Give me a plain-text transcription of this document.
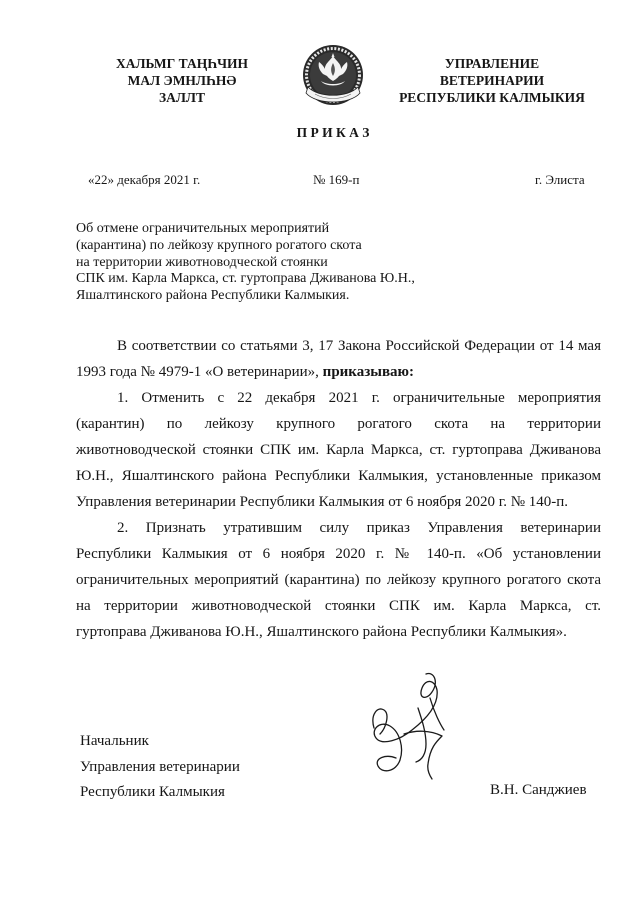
ХАЛЬМГ ТАҢҺЧИН
МАЛ ЭМНЛҺНӘ
ЗАЛЛТ
УПРАВЛЕНИЕ
ВЕТЕРИНАРИИ
РЕСПУБЛИКИ КАЛМЫКИЯ
П Р И К А З
«22» декабря 2021 г.	№ 169-п	г. Элиста
Об отмене ограничительных мероприятий
(карантина) по лейкозу крупного рогатого скота
на территории животноводческой стоянки
СПК им. Карла Маркса, ст. гуртоправа Дживанова Ю.Н.,
Яшалтинского района Республики Калмыкия.
В соответствии со статьями 3, 17 Закона Российской Федерации от 14 мая
1993 года № 4979-1 «О ветеринарии», приказываю:
1. Отменить с 22 декабря 2021 г. ограничительные мероприятия
(карантин) по лейкозу крупного рогатого скота на территории
животноводческой стоянки СПК им. Карла Маркса, ст. гуртоправа Дживанова
Ю.Н., Яшалтинского района Республики Калмыкия, установленные приказом
Управления ветеринарии Республики Калмыкия от 6 ноября 2020 г. № 140-п.
2. Признать утратившим силу приказ Управления ветеринарии
Республики Калмыкия от 6 ноября 2020 г. № 140-п. «Об установлении
ограничительных мероприятий (карантина) по лейкозу крупного рогатого скота
на территории животноводческой стоянки СПК им. Карла Маркса, ст.
гуртоправа Дживанова Ю.Н., Яшалтинского района Республики Калмыкия».
Начальник
Управления ветеринарии
Республики Калмыкия	В.Н. Санджиев
